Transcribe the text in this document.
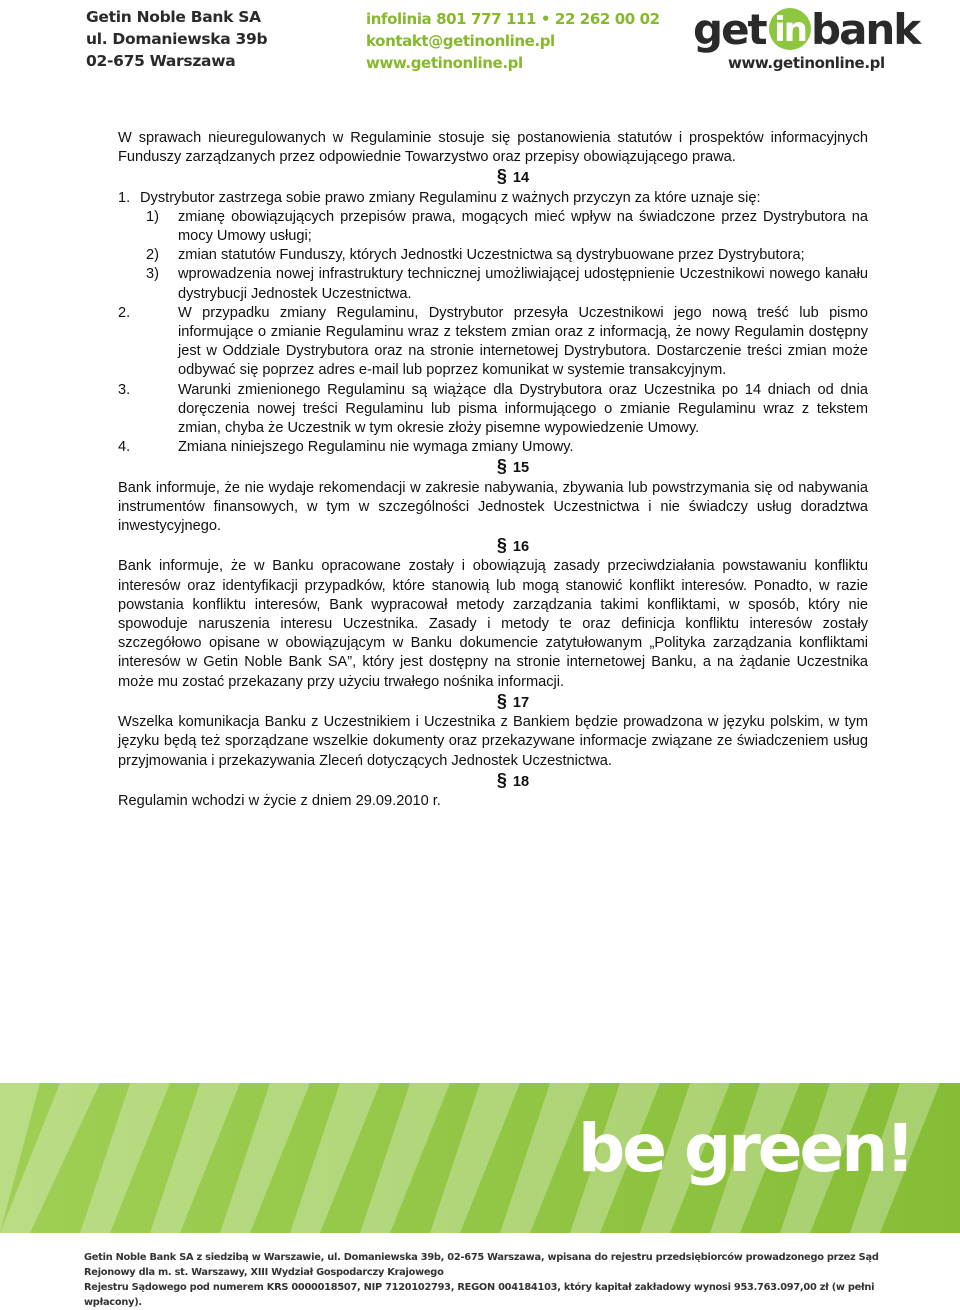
Getin Noble Bank SA
ul. Domaniewska 39b
02-675 Warszawa
infolinia 801 777 111 • 22 262 00 02
kontakt@getinonline.pl
www.getinonline.pl
get in bank
www.getinonline.pl

W sprawach nieuregulowanych w Regulaminie stosuje się postanowienia statutów i prospektów informacyjnych Funduszy zarządzanych przez odpowiednie Towarzystwo oraz przepisy obowiązującego prawa.

§ 14
1. Dystrybutor zastrzega sobie prawo zmiany Regulaminu z ważnych przyczyn za które uznaje się:
1) zmianę obowiązujących przepisów prawa, mogących mieć wpływ na świadczone przez Dystrybutora na mocy Umowy usługi;
2) zmian statutów Funduszy, których Jednostki Uczestnictwa są dystrybuowane przez Dystrybutora;
3) wprowadzenia nowej infrastruktury technicznej umożliwiającej udostępnienie Uczestnikowi nowego kanału dystrybucji Jednostek Uczestnictwa.
2.	W przypadku zmiany Regulaminu, Dystrybutor przesyła Uczestnikowi jego nową treść lub pismo informujące o zmianie Regulaminu wraz z tekstem zmian oraz z informacją, że nowy Regulamin dostępny jest w Oddziale Dystrybutora oraz na stronie internetowej Dystrybutora. Dostarczenie treści zmian może odbywać się poprzez adres e-mail lub poprzez komunikat w systemie transakcyjnym.
3.	Warunki zmienionego Regulaminu są wiążące dla Dystrybutora oraz Uczestnika po 14 dniach od dnia doręczenia nowej treści Regulaminu lub pisma informującego o zmianie Regulaminu wraz z tekstem zmian, chyba że Uczestnik w tym okresie złoży pisemne wypowiedzenie Umowy.
4.	Zmiana niniejszego Regulaminu nie wymaga zmiany Umowy.
§ 15

Bank informuje, że nie wydaje rekomendacji w zakresie nabywania, zbywania lub powstrzymania się od nabywania instrumentów finansowych, w tym w szczególności Jednostek Uczestnictwa i nie świadczy usług doradztwa inwestycyjnego.

§ 16

Bank informuje, że w Banku opracowane zostały i obowiązują zasady przeciwdziałania powstawaniu konfliktu interesów oraz identyfikacji przypadków, które stanowią lub mogą stanowić konflikt interesów. Ponadto, w razie powstania konfliktu interesów, Bank wypracował metody zarządzania takimi konfliktami, w sposób, który nie spowoduje naruszenia interesu Uczestnika. Zasady i metody te oraz definicja konfliktu interesów zostały szczegółowo opisane w obowiązującym w Banku dokumencie zatytułowanym „Polityka zarządzania konfliktami interesów w Getin Noble Bank SA”, który jest dostępny na stronie internetowej Banku, a na żądanie Uczestnika może mu zostać przekazany przy użyciu trwałego nośnika informacji.

§ 17

Wszelka komunikacja Banku z Uczestnikiem i Uczestnika z Bankiem będzie prowadzona w języku polskim, w tym języku będą też sporządzane wszelkie dokumenty oraz przekazywane informacje związane ze świadczeniem usług przyjmowania i przekazywania Zleceń dotyczących Jednostek Uczestnictwa.

§ 18

Regulamin wchodzi w życie z dniem 29.09.2010 r.

be green!
Getin Noble Bank SA z siedzibą w Warszawie, ul. Domaniewska 39b, 02-675 Warszawa, wpisana do rejestru przedsiębiorców prowadzonego przez Sąd Rejonowy dla m. st. Warszawy, XIII Wydział Gospodarczy Krajowego
Rejestru Sądowego pod numerem KRS 0000018507, NIP 7120102793, REGON 004184103, który kapitał zakładowy wynosi 953.763.097,00 zł (w pełni wpłacony).
